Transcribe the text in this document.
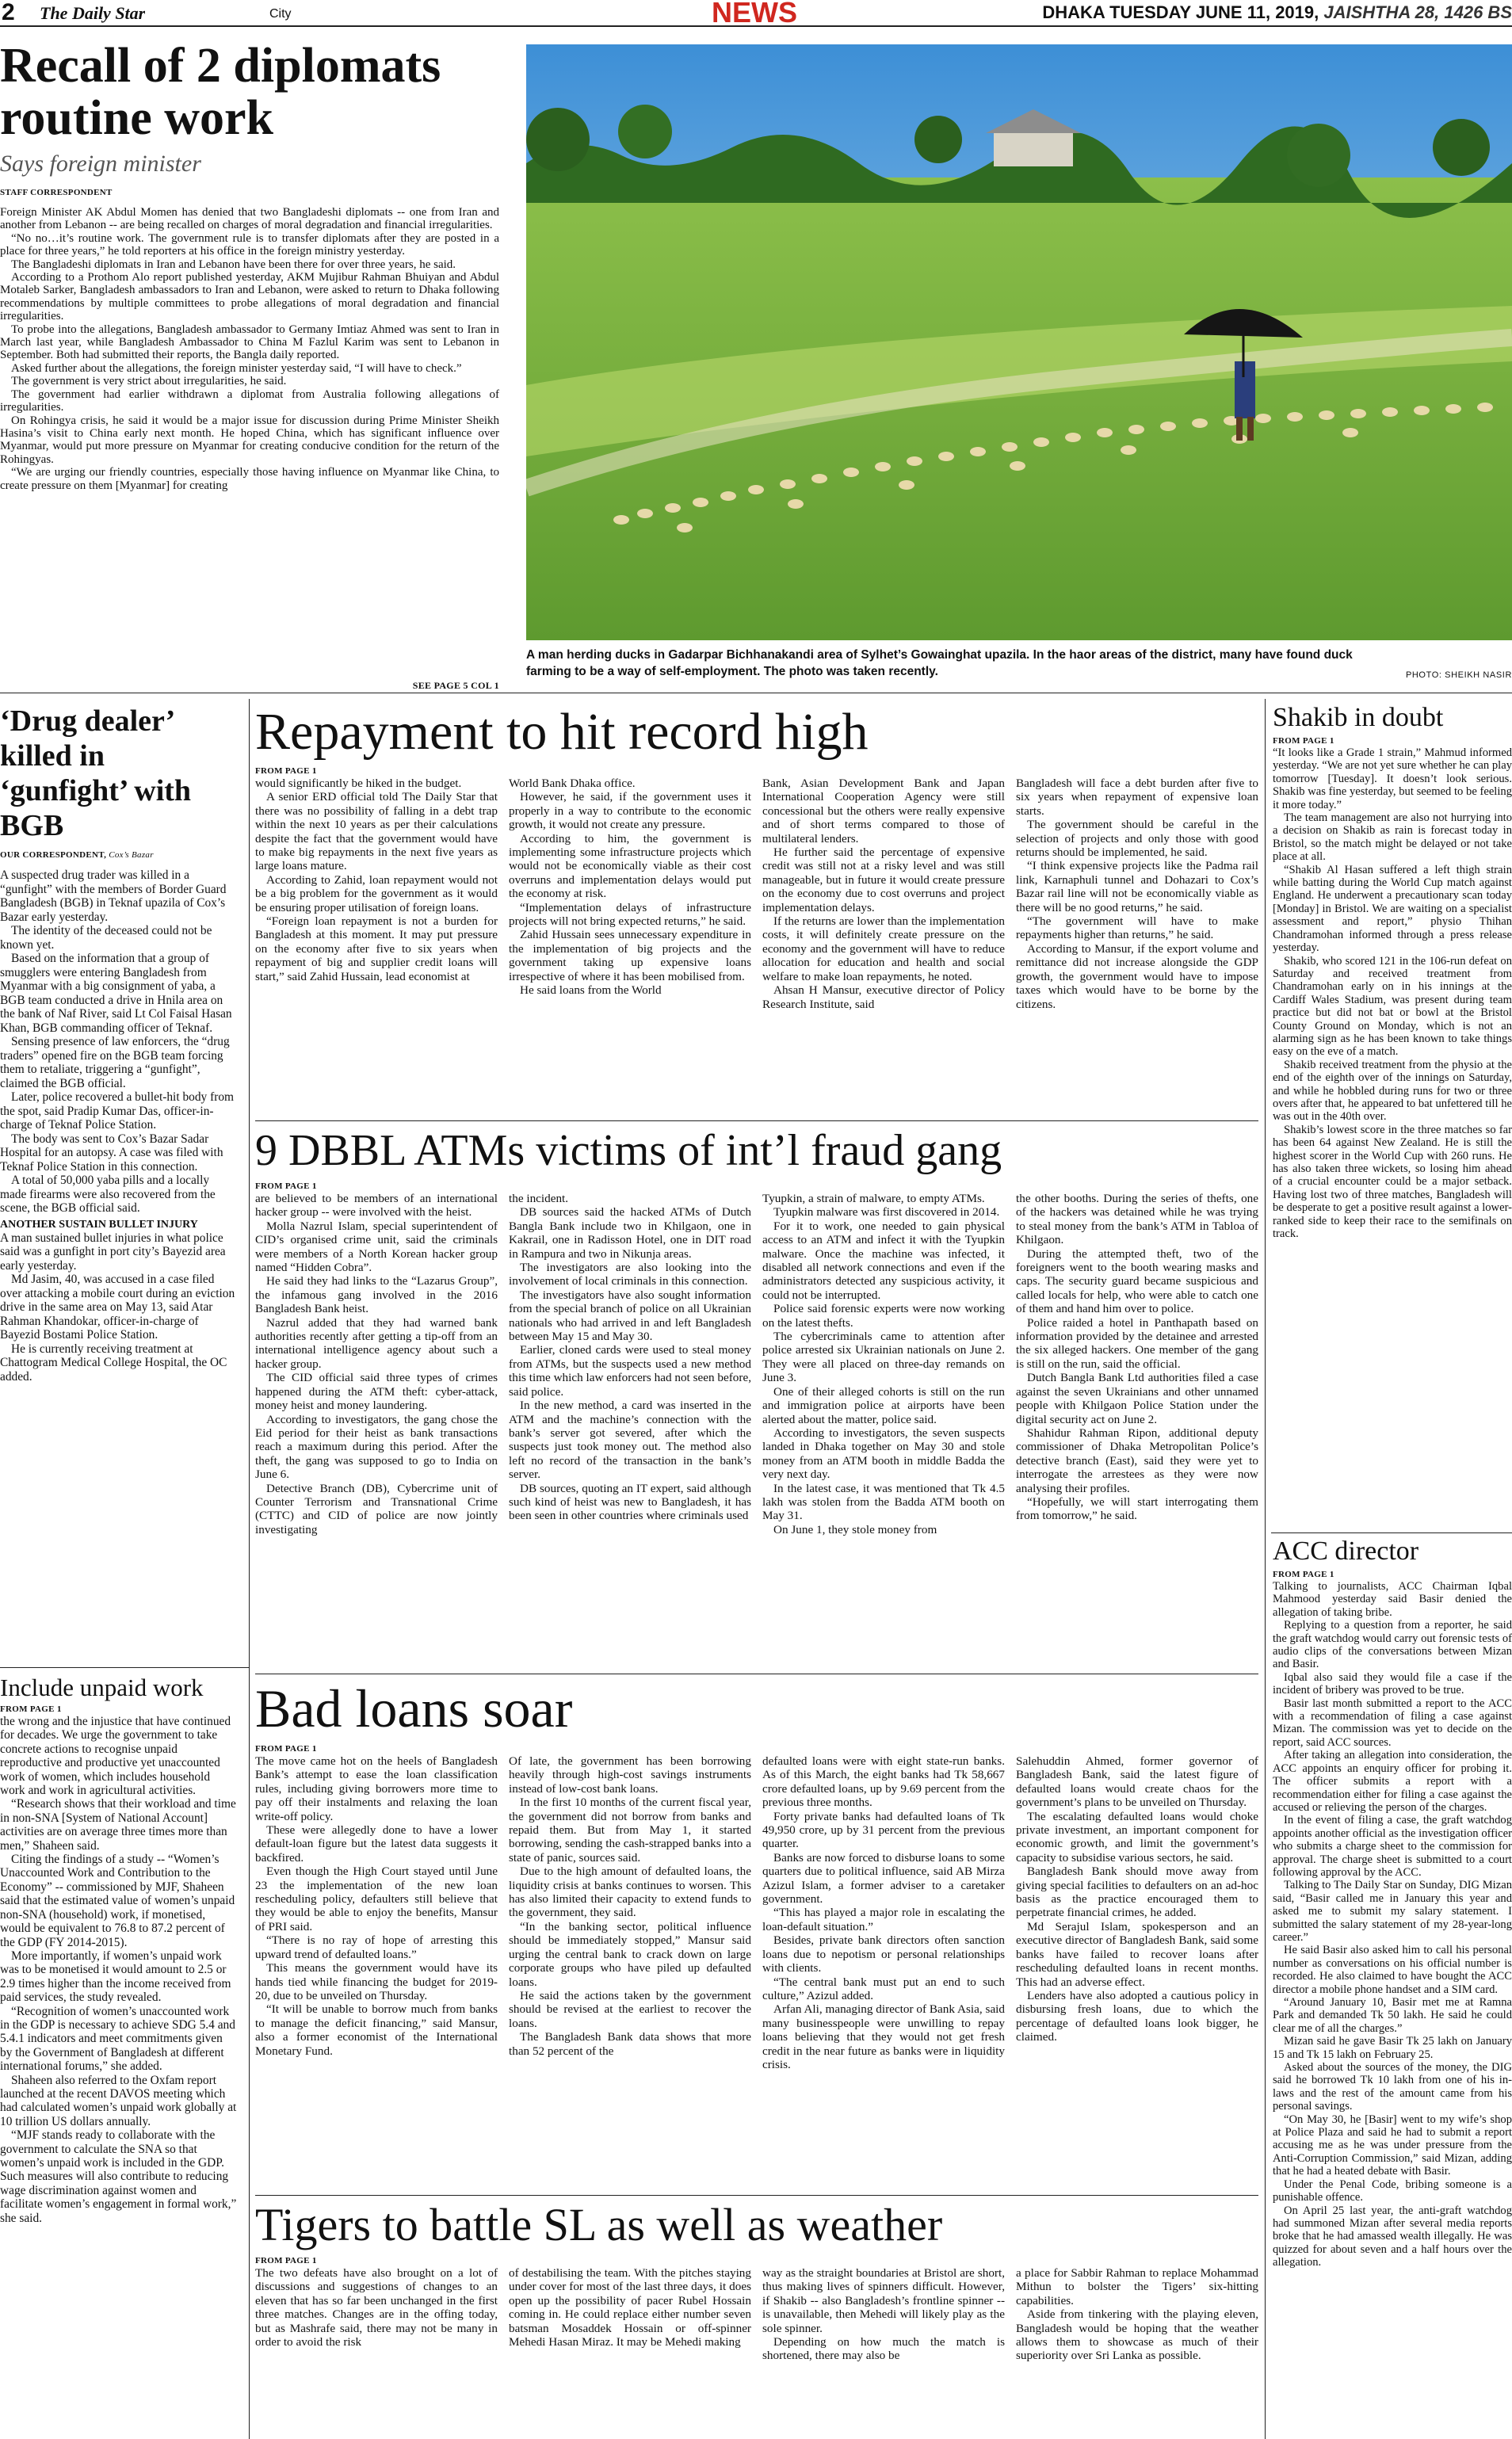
2 The Daily Star	City	NEWS	DHAKA TUESDAY JUNE 11, 2019, JAISHTHA 28, 1426 BS
Recall of 2 diplomats routine work
Says foreign minister
STAFF CORRESPONDENT

Foreign Minister AK Abdul Momen has denied that two Bangladeshi diplomats -- one from Iran and another from Lebanon -- are being recalled on charges of moral degradation and financial irregularities.

“No no…it’s routine work. The government rule is to transfer diplomats after they are posted in a place for three years,” he told reporters at his office in the foreign ministry yesterday.

The Bangladeshi diplomats in Iran and Lebanon have been there for over three years, he said.

According to a Prothom Alo report published yesterday, AKM Mujibur Rahman Bhuiyan and Abdul Motaleb Sarker, Bangladesh ambassadors to Iran and Lebanon, were asked to return to Dhaka following recommendations by multiple committees to probe allegations of moral degradation and financial irregularities.

To probe into the allegations, Bangladesh ambassador to Germany Imtiaz Ahmed was sent to Iran in March last year, while Bangladesh Ambassador to China M Fazlul Karim was sent to Lebanon in September. Both had submitted their reports, the Bangla daily reported.

Asked further about the allegations, the foreign minister yesterday said, “I will have to check.”

The government is very strict about irregularities, he said.

The government had earlier withdrawn a diplomat from Australia following allegations of irregularities.

On Rohingya crisis, he said it would be a major issue for discussion during Prime Minister Sheikh Hasina’s visit to China early next month. He hoped China, which has significant influence over Myanmar, would put more pressure on Myanmar for creating conducive condition for the return of the Rohingyas.

“We are urging our friendly countries, especially those having influence on Myanmar like China, to create pressure on them [Myanmar] for creating

SEE PAGE 5 COL 1
A man herding ducks in Gadarpar Bichhanakandi area of Sylhet’s Gowainghat upazila. In the haor areas of the district, many have found duck farming to be a way of self-employment. The photo was taken recently.	PHOTO: SHEIKH NASIR
‘Drug dealer’ killed in ‘gunfight’ with BGB
OUR CORRESPONDENT, Cox’s Bazar

A suspected drug trader was killed in a “gunfight” with the members of Border Guard Bangladesh (BGB) in Teknaf upazila of Cox’s Bazar early yesterday.

The identity of the deceased could not be known yet.

Based on the information that a group of smugglers were entering Bangladesh from Myanmar with a big consignment of yaba, a BGB team conducted a drive in Hnila area on the bank of Naf River, said Lt Col Faisal Hasan Khan, BGB commanding officer of Teknaf.

Sensing presence of law enforcers, the “drug traders” opened fire on the BGB team forcing them to retaliate, triggering a “gunfight”, claimed the BGB official.

Later, police recovered a bullet-hit body from the spot, said Pradip Kumar Das, officer-in-charge of Teknaf Police Station.

The body was sent to Cox’s Bazar Sadar Hospital for an autopsy. A case was filed with Teknaf Police Station in this connection.

A total of 50,000 yaba pills and a locally made firearms were also recovered from the scene, the BGB official said.

ANOTHER SUSTAIN BULLET INJURY

A man sustained bullet injuries in what police said was a gunfight in port city’s Bayezid area early yesterday.

Md Jasim, 40, was accused in a case filed over attacking a mobile court during an eviction drive in the same area on May 13, said Atar Rahman Khandokar, officer-in-charge of Bayezid Bostami Police Station.

He is currently receiving treatment at Chattogram Medical College Hospital, the OC added.

Include unpaid work
FROM PAGE 1

the wrong and the injustice that have continued for decades. We urge the government to take concrete actions to recognise unpaid reproductive and productive yet unaccounted work of women, which includes household work and work in agricultural activities.

“Research shows that their workload and time in non-SNA [System of National Account] activities are on average three times more than men,” Shaheen said.

Citing the findings of a study -- “Women’s Unaccounted Work and Contribution to the Economy” -- commissioned by MJF, Shaheen said that the estimated value of women’s unpaid non-SNA (household) work, if monetised, would be equivalent to 76.8 to 87.2 percent of the GDP (FY 2014-2015).

More importantly, if women’s unpaid work was to be monetised it would amount to 2.5 or 2.9 times higher than the income received from paid services, the study revealed.

“Recognition of women’s unaccounted work in the GDP is necessary to achieve SDG 5.4 and 5.4.1 indicators and meet commitments given by the Government of Bangladesh at different international forums,” she added.

Shaheen also referred to the Oxfam report launched at the recent DAVOS meeting which had calculated women’s unpaid work globally at 10 trillion US dollars annually.

“MJF stands ready to collaborate with the government to calculate the SNA so that women’s unpaid work is included in the GDP. Such measures will also contribute to reducing wage discrimination against women and facilitate women’s engagement in formal work,” she said.

Repayment to hit record high
FROM PAGE 1

would significantly be hiked in the budget.

A senior ERD official told The Daily Star that there was no possibility of falling in a debt trap within the next 10 years as per their calculations despite the fact that the government would have to make big repayments in the next five years as large loans mature.

According to Zahid, loan repayment would not be a big problem for the government as it would be ensuring proper utilisation of foreign loans.

“Foreign loan repayment is not a burden for Bangladesh at this moment. It may put pressure on the economy after five to six years when repayment of big and supplier credit loans will start,” said Zahid Hussain, lead economist at

World Bank Dhaka office.

However, he said, if the government uses it properly in a way to contribute to the economic growth, it would not create any pressure.

According to him, the government is implementing some infrastructure projects which would not be economically viable as their cost overruns and implementation delays would put the economy at risk.

“Implementation delays of infrastructure projects will not bring expected returns,” he said.

Zahid Hussain sees unnecessary expenditure in the implementation of big projects and the government taking up expensive loans irrespective of where it has been mobilised from.

He said loans from the World

Bank, Asian Development Bank and Japan International Cooperation Agency were still concessional but the others were really expensive and of short terms compared to those of multilateral lenders.

He further said the percentage of expensive credit was still not at a risky level and was still manageable, but in future it would create pressure on the economy due to cost overruns and project implementation delays.

If the returns are lower than the implementation costs, it will definitely create pressure on the economy and the government will have to reduce allocation for education and health and social welfare to make loan repayments, he noted.

Ahsan H Mansur, executive director of Policy Research Institute, said

Bangladesh will face a debt burden after five to six years when repayment of expensive loan starts.

The government should be careful in the selection of projects and only those with good returns should be implemented, he said.

“I think expensive projects like the Padma rail link, Karnaphuli tunnel and Dohazari to Cox’s Bazar rail line will not be economically viable as there will be no good returns,” he said.

“The government will have to make repayments higher than returns,” he said.

According to Mansur, if the export volume and remittance did not increase alongside the GDP growth, the government would have to impose taxes which would have to be borne by the citizens.

9 DBBL ATMs victims of int’l fraud gang
FROM PAGE 1

are believed to be members of an international hacker group -- were involved with the heist.

Molla Nazrul Islam, special superintendent of CID’s organised crime unit, said the criminals were members of a North Korean hacker group named “Hidden Cobra”.

He said they had links to the “Lazarus Group”, the infamous gang involved in the 2016 Bangladesh Bank heist.

Nazrul added that they had warned bank authorities recently after getting a tip-off from an international intelligence agency about such a hacker group.

The CID official said three types of crimes happened during the ATM theft: cyber-attack, money heist and money laundering.

According to investigators, the gang chose the Eid period for their heist as bank transactions reach a maximum during this period. After the theft, the gang was supposed to go to India on June 6.

Detective Branch (DB), Cybercrime unit of Counter Terrorism and Transnational Crime (CTTC) and CID of police are now jointly investigating

the incident.

DB sources said the hacked ATMs of Dutch Bangla Bank include two in Khilgaon, one in Kakrail, one in Radisson Hotel, one in DIT road in Rampura and two in Nikunja areas.

The investigators are also looking into the involvement of local criminals in this connection.

The investigators have also sought information from the special branch of police on all Ukrainian nationals who had arrived in and left Bangladesh between May 15 and May 30.

Earlier, cloned cards were used to steal money from ATMs, but the suspects used a new method this time which law enforcers had not seen before, said police.

In the new method, a card was inserted in the ATM and the machine’s connection with the bank’s server got severed, after which the suspects just took money out. The method also left no record of the transaction in the bank’s server.

DB sources, quoting an IT expert, said although such kind of heist was new to Bangladesh, it has been seen in other countries where criminals used

Tyupkin, a strain of malware, to empty ATMs.

Tyupkin malware was first discovered in 2014.

For it to work, one needed to gain physical access to an ATM and infect it with the Tyupkin malware. Once the machine was infected, it disabled all network connections and even if the administrators detected any suspicious activity, it could not be interrupted.

Police said forensic experts were now working on the latest thefts.

The cybercriminals came to attention after police arrested six Ukrainian nationals on June 2. They were all placed on three-day remands on June 3.

One of their alleged cohorts is still on the run and immigration police at airports have been alerted about the matter, police said.

According to investigators, the seven suspects landed in Dhaka together on May 30 and stole money from an ATM booth in middle Badda the very next day.

In the latest case, it was mentioned that Tk 4.5 lakh was stolen from the Badda ATM booth on May 31.

On June 1, they stole money from

the other booths. During the series of thefts, one of the hackers was detained while he was trying to steal money from the bank’s ATM in Tabloa of Khilgaon.

During the attempted theft, two of the foreigners went to the booth wearing masks and caps. The security guard became suspicious and called locals for help, who were able to catch one of them and hand him over to police.

Police raided a hotel in Panthapath based on information provided by the detainee and arrested the six alleged hackers. One member of the gang is still on the run, said the official.

Dutch Bangla Bank Ltd authorities filed a case against the seven Ukrainians and other unnamed people with Khilgaon Police Station under the digital security act on June 2.

Shahidur Rahman Ripon, additional deputy commissioner of Dhaka Metropolitan Police’s detective branch (East), said they were yet to interrogate the arrestees as they were now analysing their profiles.

“Hopefully, we will start interrogating them from tomorrow,” he said.

Bad loans soar
FROM PAGE 1

The move came hot on the heels of Bangladesh Bank’s attempt to ease the loan classification rules, including giving borrowers more time to pay off their instalments and relaxing the loan write-off policy.

These were allegedly done to have a lower default-loan figure but the latest data suggests it backfired.

Even though the High Court stayed until June 23 the implementation of the new loan rescheduling policy, defaulters still believe that they would be able to enjoy the benefits, Mansur of PRI said.

“There is no ray of hope of arresting this upward trend of defaulted loans.”

This means the government would have its hands tied while financing the budget for 2019-20, due to be unveiled on Thursday.

“It will be unable to borrow much from banks to manage the deficit financing,” said Mansur, also a former economist of the International Monetary Fund.

Of late, the government has been borrowing heavily through high-cost savings instruments instead of low-cost bank loans.

In the first 10 months of the current fiscal year, the government did not borrow from banks and repaid them. But from May 1, it started borrowing, sending the cash-strapped banks into a state of panic, sources said.

Due to the high amount of defaulted loans, the liquidity crisis at banks continues to worsen. This has also limited their capacity to extend funds to the government, they said.

“In the banking sector, political influence should be immediately stopped,” Mansur said urging the central bank to crack down on large corporate groups who have piled up defaulted loans.

He said the actions taken by the government should be revised at the earliest to recover the loans.

The Bangladesh Bank data shows that more than 52 percent of the

defaulted loans were with eight state-run banks. As of this March, the eight banks had Tk 58,667 crore defaulted loans, up by 9.69 percent from the previous three months.

Forty private banks had defaulted loans of Tk 49,950 crore, up by 31 percent from the previous quarter.

Banks are now forced to disburse loans to some quarters due to political influence, said AB Mirza Azizul Islam, a former adviser to a caretaker government.

“This has played a major role in escalating the loan-default situation.”

Besides, private bank directors often sanction loans due to nepotism or personal relationships with clients.

“The central bank must put an end to such culture,” Azizul added.

Arfan Ali, managing director of Bank Asia, said many businesspeople were unwilling to repay loans believing that they would not get fresh credit in the near future as banks were in liquidity crisis.

Salehuddin Ahmed, former governor of Bangladesh Bank, said the latest figure of defaulted loans would create chaos for the government’s plans to be unveiled on Thursday.

The escalating defaulted loans would choke private investment, an important component for economic growth, and limit the government’s capacity to subsidise various sectors, he said.

Bangladesh Bank should move away from giving special facilities to defaulters on an ad-hoc basis as the practice encouraged them to perpetrate financial crimes, he added.

Md Serajul Islam, spokesperson and an executive director of Bangladesh Bank, said some banks have failed to recover loans after rescheduling defaulted loans in recent months. This had an adverse effect.

Lenders have also adopted a cautious policy in disbursing fresh loans, due to which the percentage of defaulted loans look bigger, he claimed.

Tigers to battle SL as well as weather
FROM PAGE 1

The two defeats have also brought on a lot of discussions and suggestions of changes to an eleven that has so far been unchanged in the first three matches. Changes are in the offing today, but as Mashrafe said, there may not be many in order to avoid the risk

of destabilising the team. With the pitches staying under cover for most of the last three days, it does open up the possibility of pacer Rubel Hossain coming in. He could replace either number seven batsman Mosaddek Hossain or off-spinner Mehedi Hasan Miraz. It may be Mehedi making

way as the straight boundaries at Bristol are short, thus making lives of spinners difficult. However, if Shakib -- also Bangladesh’s frontline spinner -- is unavailable, then Mehedi will likely play as the sole spinner.

Depending on how much the match is shortened, there may also be

a place for Sabbir Rahman to replace Mohammad Mithun to bolster the Tigers’ six-hitting capabilities.

Aside from tinkering with the playing eleven, Bangladesh would be hoping that the weather allows them to showcase as much of their superiority over Sri Lanka as possible.

Shakib in doubt
FROM PAGE 1

“It looks like a Grade 1 strain,” Mahmud informed yesterday. “We are not yet sure whether he can play tomorrow [Tuesday]. It doesn’t look serious. Shakib was fine yesterday, but seemed to be feeling it more today.”

The team management are also not hurrying into a decision on Shakib as rain is forecast today in Bristol, so the match might be delayed or not take place at all.

“Shakib Al Hasan suffered a left thigh strain while batting during the World Cup match against England. He underwent a precautionary scan today [Monday] in Bristol. We are waiting on a specialist assessment and report,” physio Thihan Chandramohan informed through a press release yesterday.

Shakib, who scored 121 in the 106-run defeat on Saturday and received treatment from Chandramohan early on in his innings at the Cardiff Wales Stadium, was present during team practice but did not bat or bowl at the Bristol County Ground on Monday, which is not an alarming sign as he has been known to take things easy on the eve of a match.

Shakib received treatment from the physio at the end of the eighth over of the innings on Saturday, and while he hobbled during runs for two or three overs after that, he appeared to bat unfettered till he was out in the 40th over.

Shakib’s lowest score in the three matches so far has been 64 against New Zealand. He is still the highest scorer in the World Cup with 260 runs. He has also taken three wickets, so losing him ahead of a crucial encounter could be a major setback. Having lost two of three matches, Bangladesh will be desperate to get a positive result against a lower-ranked side to keep their race to the semifinals on track.

ACC director
FROM PAGE 1

Talking to journalists, ACC Chairman Iqbal Mahmood yesterday said Basir denied the allegation of taking bribe.

Replying to a question from a reporter, he said the graft watchdog would carry out forensic tests of audio clips of the conversations between Mizan and Basir.

Iqbal also said they would file a case if the incident of bribery was proved to be true.

Basir last month submitted a report to the ACC with a recommendation of filing a case against Mizan. The commission was yet to decide on the report, said ACC sources.

After taking an allegation into consideration, the ACC appoints an enquiry officer for probing it. The officer submits a report with a recommendation either for filing a case against the accused or relieving the person of the charges.

In the event of filing a case, the graft watchdog appoints another official as the investigation officer who submits a charge sheet to the commission for approval. The charge sheet is submitted to a court following approval by the ACC.

Talking to The Daily Star on Sunday, DIG Mizan said, “Basir called me in January this year and asked me to submit my salary statement. I submitted the salary statement of my 28-year-long career.”

He said Basir also asked him to call his personal number as conversations on his official number is recorded. He also claimed to have bought the ACC director a mobile phone handset and a SIM card.

“Around January 10, Basir met me at Ramna Park and demanded Tk 50 lakh. He said he could clear me of all the charges.”

Mizan said he gave Basir Tk 25 lakh on January 15 and Tk 15 lakh on February 25.

Asked about the sources of the money, the DIG said he borrowed Tk 10 lakh from one of his in-laws and the rest of the amount came from his personal savings.

“On May 30, he [Basir] went to my wife’s shop at Police Plaza and said he had to submit a report accusing me as he was under pressure from the Anti-Corruption Commission,” said Mizan, adding that he had a heated debate with Basir.

Under the Penal Code, bribing someone is a punishable offence.

On April 25 last year, the anti-graft watchdog had summoned Mizan after several media reports broke that he had amassed wealth illegally. He was quizzed for about seven and a half hours over the allegation.
